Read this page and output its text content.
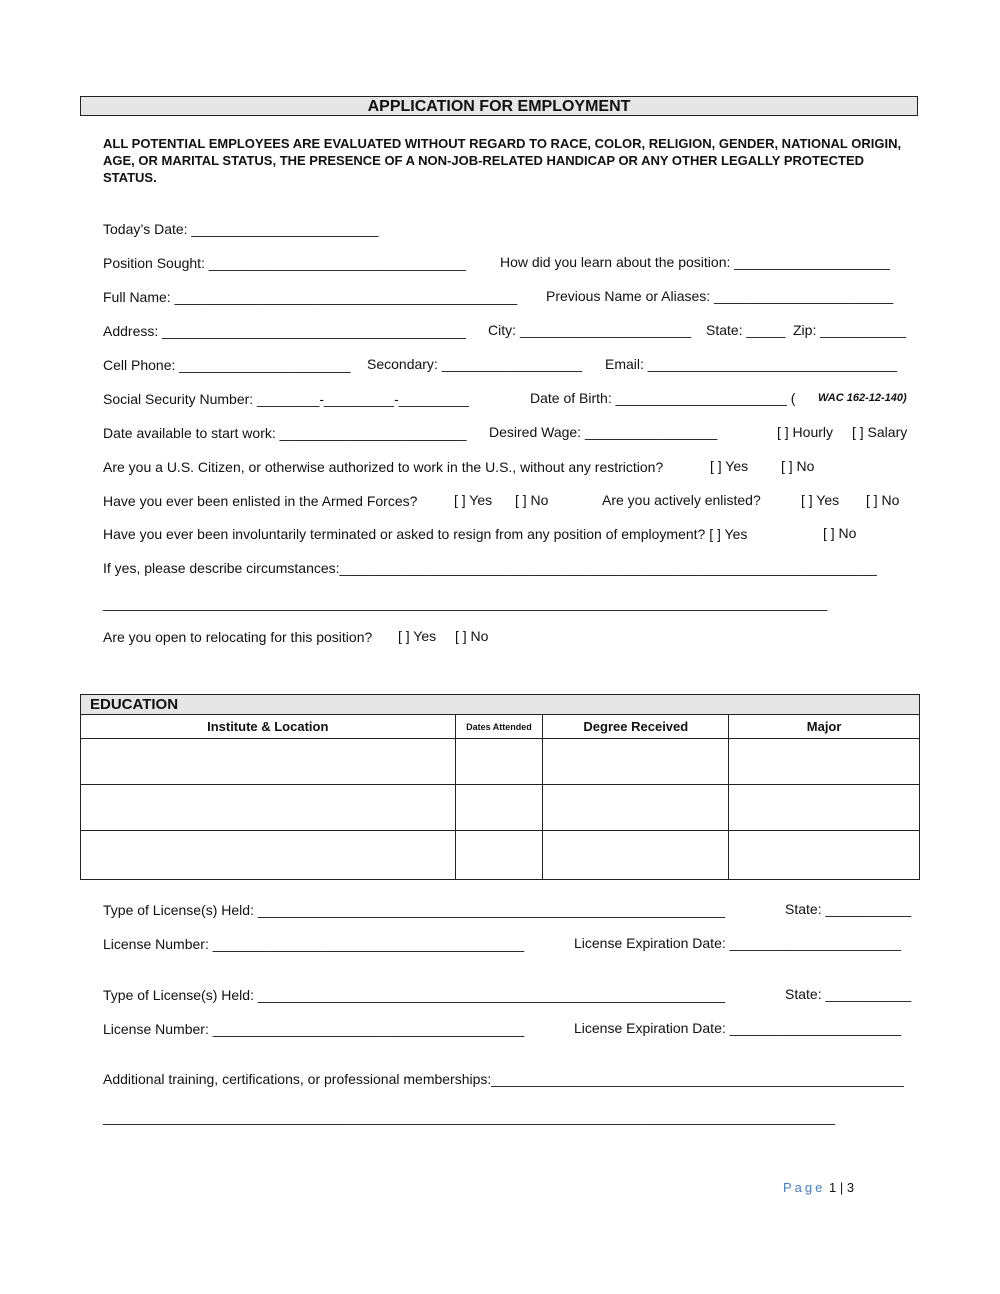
APPLICATION FOR EMPLOYMENT
ALL POTENTIAL EMPLOYEES ARE EVALUATED WITHOUT REGARD TO RACE, COLOR, RELIGION, GENDER, NATIONAL ORIGIN, AGE, OR MARITAL STATUS, THE PRESENCE OF A NON-JOB-RELATED HANDICAP OR ANY OTHER LEGALLY PROTECTED STATUS.
Today’s Date: ________________________
Position Sought: _________________________________ How did you learn about the position: ____________________
Full Name: ____________________________________________ Previous Name or Aliases: _______________________
Address: _______________________________________ City: ______________________ State: _____ Zip: ___________
Cell Phone: ______________________ Secondary: __________________ Email: ________________________________
Social Security Number: ________-_________-_________	Date of Birth: ______________________ ( WAC 162-12-140)
Date available to start work: ________________________ Desired Wage: _________________	[ ] Hourly [ ] Salary
Are you a U.S. Citizen, or otherwise authorized to work in the U.S., without any restriction?	[ ] Yes [ ] No
Have you ever been enlisted in the Armed Forces?	[ ] Yes [ ] No	Are you actively enlisted?	[ ] Yes [ ] No
Have you ever been involuntarily terminated or asked to resign from any position of employment? [ ] Yes	[ ] No
If yes, please describe circumstances:_____________________________________________________________________
_____________________________________________________________________________________________
Are you open to relocating for this position? [ ] Yes [ ] No
EDUCATION
Institute & Location	Dates Attended	Degree Received	Major

Type of License(s) Held: ____________________________________________________________	State: ___________
License Number: ________________________________________	License Expiration Date: ______________________
Type of License(s) Held: ____________________________________________________________	State: ___________
License Number: ________________________________________	License Expiration Date: ______________________
Additional training, certifications, or professional memberships:_____________________________________________________
______________________________________________________________________________________________
Page 1 | 3
